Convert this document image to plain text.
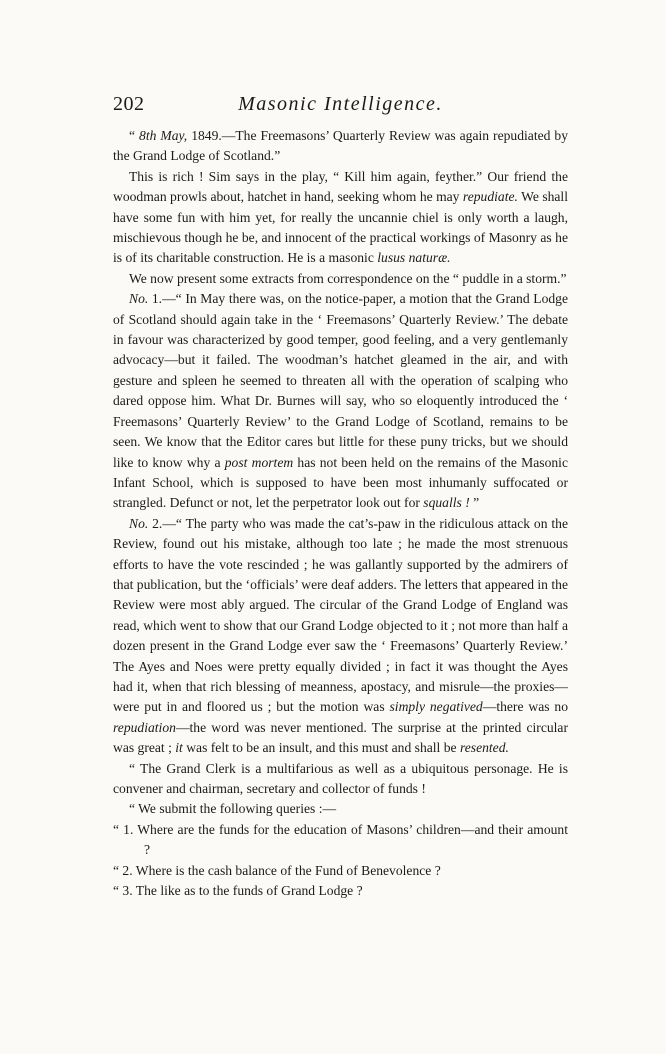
202	Masonic Intelligence.

“ 8th May, 1849.—The Freemasons’ Quarterly Review was again repudiated by the Grand Lodge of Scotland.”

This is rich ! Sim says in the play, “ Kill him again, feyther.” Our friend the woodman prowls about, hatchet in hand, seeking whom he may repudiate. We shall have some fun with him yet, for really the uncannie chiel is only worth a laugh, mischievous though he be, and innocent of the practical workings of Masonry as he is of its charitable construction. He is a masonic lusus naturæ.

We now present some extracts from correspondence on the “ puddle in a storm.”

No. 1.—“ In May there was, on the notice-paper, a motion that the Grand Lodge of Scotland should again take in the ‘ Freemasons’ Quarterly Review.’ The debate in favour was characterized by good temper, good feeling, and a very gentlemanly advocacy—but it failed. The woodman’s hatchet gleamed in the air, and with gesture and spleen he seemed to threaten all with the operation of scalping who dared oppose him. What Dr. Burnes will say, who so eloquently introduced the ‘ Freemasons’ Quarterly Review’ to the Grand Lodge of Scotland, remains to be seen. We know that the Editor cares but little for these puny tricks, but we should like to know why a post mortem has not been held on the remains of the Masonic Infant School, which is supposed to have been most inhumanly suffocated or strangled. Defunct or not, let the perpetrator look out for squalls ! ”

No. 2.—“ The party who was made the cat’s-paw in the ridiculous attack on the Review, found out his mistake, although too late ; he made the most strenuous efforts to have the vote rescinded ; he was gallantly supported by the admirers of that publication, but the ‘officials’ were deaf adders. The letters that appeared in the Review were most ably argued. The circular of the Grand Lodge of England was read, which went to show that our Grand Lodge objected to it ; not more than half a dozen present in the Grand Lodge ever saw the ‘ Freemasons’ Quarterly Review.’ The Ayes and Noes were pretty equally divided ; in fact it was thought the Ayes had it, when that rich blessing of meanness, apostacy, and misrule—the proxies—were put in and floored us ; but the motion was simply negatived—there was no repudiation—the word was never mentioned. The surprise at the printed circular was great ; it was felt to be an insult, and this must and shall be resented.

“ The Grand Clerk is a multifarious as well as a ubiquitous personage. He is convener and chairman, secretary and collector of funds !

“ We submit the following queries :—

“ 1. Where are the funds for the education of Masons’ children—and their amount ?

“ 2. Where is the cash balance of the Fund of Benevolence ?

“ 3. The like as to the funds of Grand Lodge ?
